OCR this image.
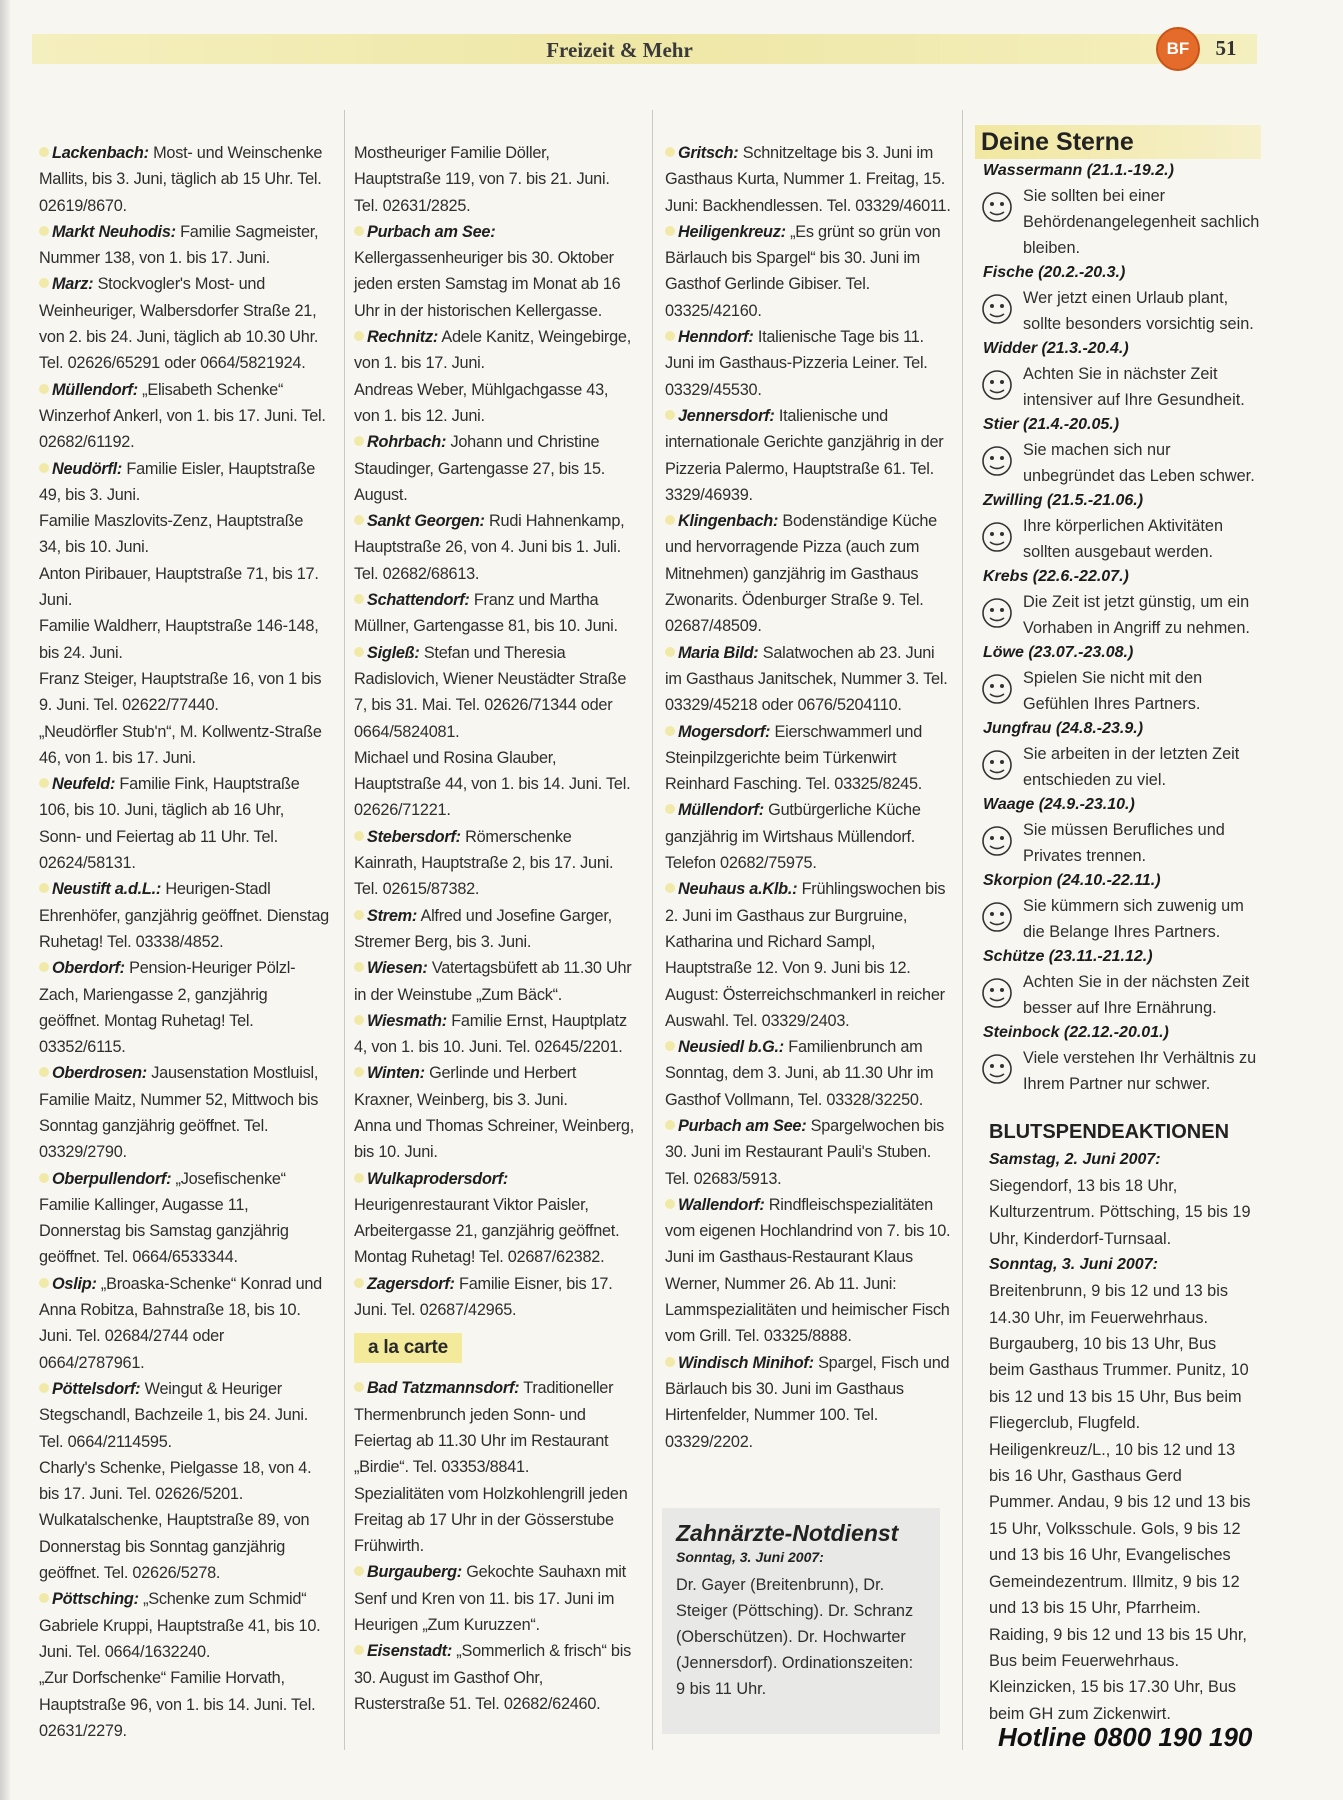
Freizeit & Mehr	BF	51

Lackenbach: Most- und Weinschenke Mallits, bis 3. Juni, täglich ab 15 Uhr. Tel. 02619/8670.

Markt Neuhodis: Familie Sagmeister, Nummer 138, von 1. bis 17. Juni.

Marz: Stockvogler's Most- und Weinheuriger, Walbersdorfer Straße 21, von 2. bis 24. Juni, täglich ab 10.30 Uhr. Tel. 02626/65291 oder 0664/5821924.

Müllendorf: „Elisabeth Schenke“ Winzerhof Ankerl, von 1. bis 17. Juni. Tel. 02682/61192.

Neudörfl: Familie Eisler, Hauptstraße 49, bis 3. Juni.

Familie Maszlovits-Zenz, Hauptstraße 34, bis 10. Juni.

Anton Piribauer, Hauptstraße 71, bis 17. Juni.

Familie Waldherr, Hauptstraße 146-148, bis 24. Juni.

Franz Steiger, Hauptstraße 16, von 1 bis 9. Juni. Tel. 02622/77440.

„Neudörfler Stub'n“, M. Kollwentz-Straße 46, von 1. bis 17. Juni.

Neufeld: Familie Fink, Hauptstraße 106, bis 10. Juni, täglich ab 16 Uhr, Sonn- und Feiertag ab 11 Uhr. Tel. 02624/58131.

Neustift a.d.L.: Heurigen-Stadl Ehrenhöfer, ganzjährig geöffnet. Dienstag Ruhetag! Tel. 03338/4852.

Oberdorf: Pension-Heuriger Pölzl-Zach, Mariengasse 2, ganzjährig geöffnet. Montag Ruhetag! Tel. 03352/6115.

Oberdrosen: Jausenstation Mostluisl, Familie Maitz, Nummer 52, Mittwoch bis Sonntag ganzjährig geöffnet. Tel. 03329/2790.

Oberpullendorf: „Josefischenke“ Familie Kallinger, Augasse 11, Donnerstag bis Samstag ganzjährig geöffnet. Tel. 0664/6533344.

Oslip: „Broaska-Schenke“ Konrad und Anna Robitza, Bahnstraße 18, bis 10. Juni. Tel. 02684/2744 oder 0664/2787961.

Pöttelsdorf: Weingut & Heuriger Stegschandl, Bachzeile 1, bis 24. Juni. Tel. 0664/2114595.

Charly's Schenke, Pielgasse 18, von 4. bis 17. Juni. Tel. 02626/5201.

Wulkatalschenke, Hauptstraße 89, von Donnerstag bis Sonntag ganzjährig geöffnet. Tel. 02626/5278.

Pöttsching: „Schenke zum Schmid“ Gabriele Kruppi, Hauptstraße 41, bis 10. Juni. Tel. 0664/1632240.

„Zur Dorfschenke“ Familie Horvath, Hauptstraße 96, von 1. bis 14. Juni. Tel. 02631/2279.

Mostheuriger Familie Döller, Hauptstraße 119, von 7. bis 21. Juni. Tel. 02631/2825.

Purbach am See: Kellergassenheuriger bis 30. Oktober jeden ersten Samstag im Monat ab 16 Uhr in der historischen Kellergasse.

Rechnitz: Adele Kanitz, Weingebirge, von 1. bis 17. Juni.

Andreas Weber, Mühlgachgasse 43, von 1. bis 12. Juni.

Rohrbach: Johann und Christine Staudinger, Gartengasse 27, bis 15. August.

Sankt Georgen: Rudi Hahnenkamp, Hauptstraße 26, von 4. Juni bis 1. Juli. Tel. 02682/68613.

Schattendorf: Franz und Martha Müllner, Gartengasse 81, bis 10. Juni.

Sigleß: Stefan und Theresia Radislovich, Wiener Neustädter Straße 7, bis 31. Mai. Tel. 02626/71344 oder 0664/5824081.

Michael und Rosina Glauber, Hauptstraße 44, von 1. bis 14. Juni. Tel. 02626/71221.

Stebersdorf: Römerschenke Kainrath, Hauptstraße 2, bis 17. Juni. Tel. 02615/87382.

Strem: Alfred und Josefine Garger, Stremer Berg, bis 3. Juni.

Wiesen: Vatertagsbüfett ab 11.30 Uhr in der Weinstube „Zum Bäck“.

Wiesmath: Familie Ernst, Hauptplatz 4, von 1. bis 10. Juni. Tel. 02645/2201.

Winten: Gerlinde und Herbert Kraxner, Weinberg, bis 3. Juni.

Anna und Thomas Schreiner, Weinberg, bis 10. Juni.

Wulkaprodersdorf: Heurigenrestaurant Viktor Paisler, Arbeitergasse 21, ganzjährig geöffnet. Montag Ruhetag! Tel. 02687/62382.

Zagersdorf: Familie Eisner, bis 17. Juni. Tel. 02687/42965.

a la carte

Bad Tatzmannsdorf: Traditioneller Thermenbrunch jeden Sonn- und Feiertag ab 11.30 Uhr im Restaurant „Birdie“. Tel. 03353/8841.

Spezialitäten vom Holzkohlengrill jeden Freitag ab 17 Uhr in der Gösserstube Frühwirth.

Burgauberg: Gekochte Sauhaxn mit Senf und Kren von 11. bis 17. Juni im Heurigen „Zum Kuruzzen“.

Eisenstadt: „Sommerlich & frisch“ bis 30. August im Gasthof Ohr, Rusterstraße 51. Tel. 02682/62460.

Gritsch: Schnitzeltage bis 3. Juni im Gasthaus Kurta, Nummer 1. Freitag, 15. Juni: Backhendlessen. Tel. 03329/46011.

Heiligenkreuz: „Es grünt so grün von Bärlauch bis Spargel“ bis 30. Juni im Gasthof Gerlinde Gibiser. Tel. 03325/42160.

Henndorf: Italienische Tage bis 11. Juni im Gasthaus-Pizzeria Leiner. Tel. 03329/45530.

Jennersdorf: Italienische und internationale Gerichte ganzjährig in der Pizzeria Palermo, Hauptstraße 61. Tel. 3329/46939.

Klingenbach: Bodenständige Küche und hervorragende Pizza (auch zum Mitnehmen) ganzjährig im Gasthaus Zwonarits. Ödenburger Straße 9. Tel. 02687/48509.

Maria Bild: Salatwochen ab 23. Juni im Gasthaus Janitschek, Nummer 3. Tel. 03329/45218 oder 0676/5204110.

Mogersdorf: Eierschwammerl und Steinpilzgerichte beim Türkenwirt Reinhard Fasching. Tel. 03325/8245.

Müllendorf: Gutbürgerliche Küche ganzjährig im Wirtshaus Müllendorf. Telefon 02682/75975.

Neuhaus a.Klb.: Frühlingswochen bis 2. Juni im Gasthaus zur Burgruine, Katharina und Richard Sampl, Hauptstraße 12. Von 9. Juni bis 12. August: Österreichschmankerl in reicher Auswahl. Tel. 03329/2403.

Neusiedl b.G.: Familienbrunch am Sonntag, dem 3. Juni, ab 11.30 Uhr im Gasthof Vollmann, Tel. 03328/32250.

Purbach am See: Spargelwochen bis 30. Juni im Restaurant Pauli's Stuben. Tel. 02683/5913.

Wallendorf: Rindfleischspezialitäten vom eigenen Hochlandrind von 7. bis 10. Juni im Gasthaus-Restaurant Klaus Werner, Nummer 26. Ab 11. Juni: Lammspezialitäten und heimischer Fisch vom Grill. Tel. 03325/8888.

Windisch Minihof: Spargel, Fisch und Bärlauch bis 30. Juni im Gasthaus Hirtenfelder, Nummer 100. Tel. 03329/2202.

Zahnärzte-Notdienst
Sonntag, 3. Juni 2007:
Dr. Gayer (Breitenbrunn), Dr. Steiger (Pöttsching). Dr. Schranz (Oberschützen). Dr. Hochwarter (Jennersdorf). Ordinationszeiten: 9 bis 11 Uhr.
Deine Sterne
Wassermann (21.1.-19.2.)
Sie sollten bei einer Behördenangelegenheit sachlich bleiben.
Fische (20.2.-20.3.)
Wer jetzt einen Urlaub plant, sollte besonders vorsichtig sein.
Widder (21.3.-20.4.)
Achten Sie in nächster Zeit intensiver auf Ihre Gesundheit.
Stier (21.4.-20.05.)
Sie machen sich nur unbegründet das Leben schwer.
Zwilling (21.5.-21.06.)
Ihre körperlichen Aktivitäten sollten ausgebaut werden.
Krebs (22.6.-22.07.)
Die Zeit ist jetzt günstig, um ein Vorhaben in Angriff zu nehmen.
Löwe (23.07.-23.08.)
Spielen Sie nicht mit den Gefühlen Ihres Partners.
Jungfrau (24.8.-23.9.)
Sie arbeiten in der letzten Zeit entschieden zu viel.
Waage (24.9.-23.10.)
Sie müssen Berufliches und Privates trennen.
Skorpion (24.10.-22.11.)
Sie kümmern sich zuwenig um die Belange Ihres Partners.
Schütze (23.11.-21.12.)
Achten Sie in der nächsten Zeit besser auf Ihre Ernährung.
Steinbock (22.12.-20.01.)
Viele verstehen Ihr Verhältnis zu Ihrem Partner nur schwer.
BLUTSPENDEAKTIONEN
Samstag, 2. Juni 2007:
Siegendorf, 13 bis 18 Uhr, Kulturzentrum. Pöttsching, 15 bis 19 Uhr, Kinderdorf-Turnsaal.
Sonntag, 3. Juni 2007:
Breitenbrunn, 9 bis 12 und 13 bis 14.30 Uhr, im Feuerwehrhaus. Burgauberg, 10 bis 13 Uhr, Bus beim Gasthaus Trummer. Punitz, 10 bis 12 und 13 bis 15 Uhr, Bus beim Fliegerclub, Flugfeld. Heiligenkreuz/L., 10 bis 12 und 13 bis 16 Uhr, Gasthaus Gerd Pummer. Andau, 9 bis 12 und 13 bis 15 Uhr, Volksschule. Gols, 9 bis 12 und 13 bis 16 Uhr, Evangelisches Gemeindezentrum. Illmitz, 9 bis 12 und 13 bis 15 Uhr, Pfarrheim. Raiding, 9 bis 12 und 13 bis 15 Uhr, Bus beim Feuerwehrhaus. Kleinzicken, 15 bis 17.30 Uhr, Bus beim GH zum Zickenwirt.
Hotline 0800 190 190
